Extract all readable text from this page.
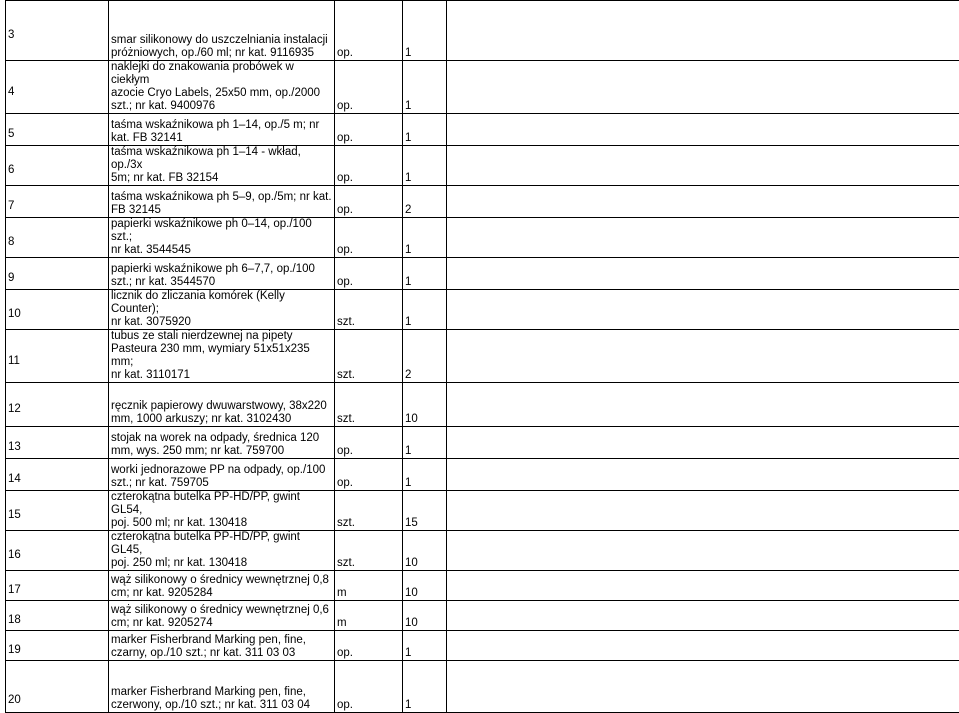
3	smar silikonowy do uszczelniania instalacji
próżniowych, op./60 ml; nr kat. 9116935	op.	1	
4	naklejki do znakowania probówek w ciekłym
azocie Cryo Labels, 25x50 mm, op./2000
szt.; nr kat. 9400976	op.	1	
5	taśma wskaźnikowa ph 1–14, op./5 m; nr
kat. FB 32141	op.	1	
6	taśma wskaźnikowa ph 1–14 - wkład, op./3x
5m; nr kat. FB 32154	op.	1	
7	taśma wskaźnikowa ph 5–9, op./5m; nr kat.
FB 32145	op.	2	
8	papierki wskaźnikowe ph 0–14, op./100 szt.;
nr kat. 3544545	op.	1	
9	papierki wskaźnikowe ph 6–7,7, op./100
szt.; nr kat. 3544570	op.	1	
10	licznik do zliczania komórek (Kelly Counter);
nr kat. 3075920	szt.	1	
11	tubus ze stali nierdzewnej na pipety
Pasteura 230 mm, wymiary 51x51x235 mm;
nr kat. 3110171	szt.	2	
12	ręcznik papierowy dwuwarstwowy, 38x220
mm, 1000 arkuszy; nr kat. 3102430	szt.	10	
13	stojak na worek na odpady, średnica 120
mm, wys. 250 mm; nr kat. 759700	op.	1	
14	worki jednorazowe PP na odpady, op./100
szt.; nr kat. 759705	op.	1	
15	czterokątna butelka PP-HD/PP, gwint GL54,
poj. 500 ml; nr kat. 130418	szt.	15	
16	czterokątna butelka PP-HD/PP, gwint GL45,
poj. 250 ml; nr kat. 130418	szt.	10	
17	wąż silikonowy o średnicy wewnętrznej 0,8
cm; nr kat. 9205284	m	10	
18	wąż silikonowy o średnicy wewnętrznej 0,6
cm; nr kat. 9205274	m	10	
19	marker Fisherbrand Marking pen, fine,
czarny, op./10 szt.; nr kat. 311 03 03	op.	1	
20	marker Fisherbrand Marking pen, fine,
czerwony, op./10 szt.; nr kat. 311 03 04	op.	1	
